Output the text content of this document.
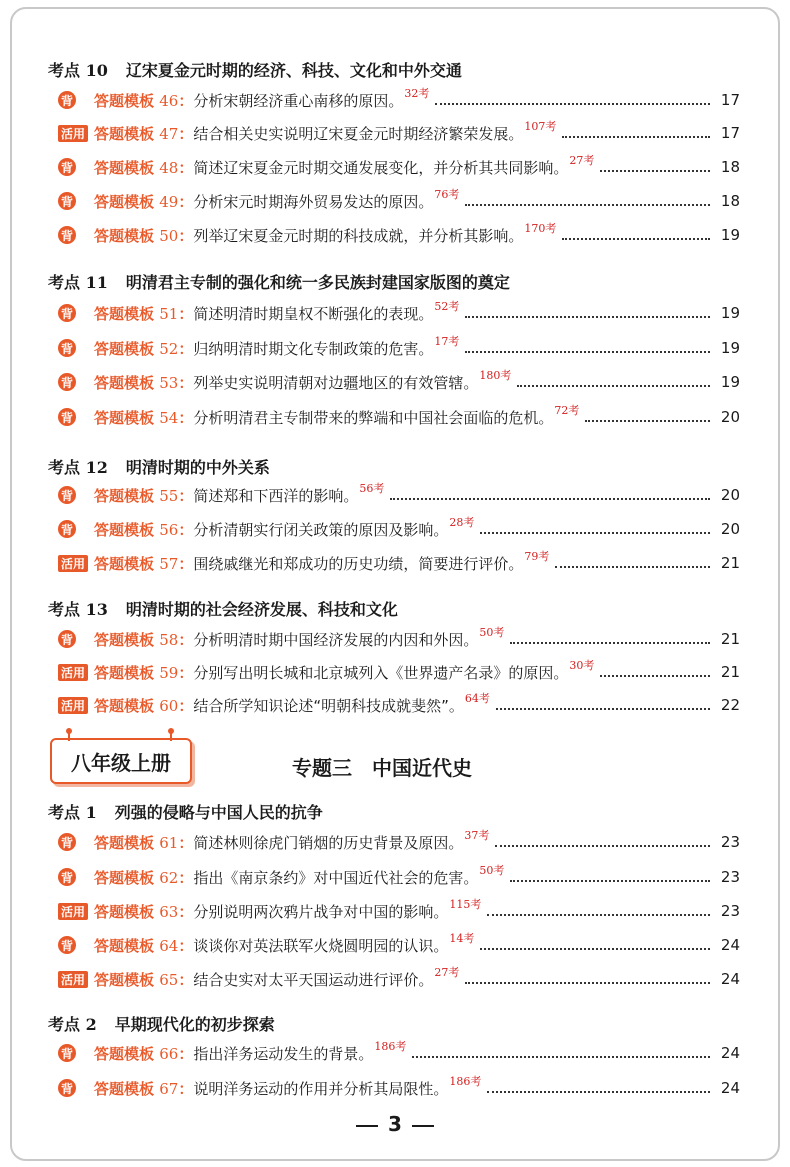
考点 10 辽宋夏金元时期的经济、科技、文化和中外交通
背 答题模板 46： 分析宋朝经济重心南移的原因。 32考	17
活用 答题模板 47： 结合相关史实说明辽宋夏金元时期经济繁荣发展。 107考	17
背 答题模板 48： 简述辽宋夏金元时期交通发展变化，并分析其共同影响。 27考	18
背 答题模板 49： 分析宋元时期海外贸易发达的原因。 76考	18
背 答题模板 50： 列举辽宋夏金元时期的科技成就，并分析其影响。 170考	19
考点 11 明清君主专制的强化和统一多民族封建国家版图的奠定
背 答题模板 51： 简述明清时期皇权不断强化的表现。 52考	19
背 答题模板 52： 归纳明清时期文化专制政策的危害。 17考	19
背 答题模板 53： 列举史实说明清朝对边疆地区的有效管辖。 180考	19
背 答题模板 54： 分析明清君主专制带来的弊端和中国社会面临的危机。 72考	20
考点 12 明清时期的中外关系
背 答题模板 55： 简述郑和下西洋的影响。 56考	20
背 答题模板 56： 分析清朝实行闭关政策的原因及影响。 28考	20
活用 答题模板 57： 围绕戚继光和郑成功的历史功绩，简要进行评价。 79考	21
考点 13 明清时期的社会经济发展、科技和文化
背 答题模板 58： 分析明清时期中国经济发展的内因和外因。 50考	21
活用 答题模板 59： 分别写出明长城和北京城列入《世界遗产名录》的原因。 30考	21
活用 答题模板 60： 结合所学知识论述“明朝科技成就斐然”。 64考	22
考点 1 列强的侵略与中国人民的抗争
背 答题模板 61： 简述林则徐虎门销烟的历史背景及原因。 37考	23
背 答题模板 62： 指出《南京条约》对中国近代社会的危害。 50考	23
活用 答题模板 63： 分别说明两次鸦片战争对中国的影响。 115考	23
背 答题模板 64： 谈谈你对英法联军火烧圆明园的认识。 14考	24
活用 答题模板 65： 结合史实对太平天国运动进行评价。 27考	24
考点 2 早期现代化的初步探索
背 答题模板 66： 指出洋务运动发生的背景。 186考	24
背 答题模板 67： 说明洋务运动的作用并分析其局限性。 186考	24
八年级上册	专题三　中国近代史
3
